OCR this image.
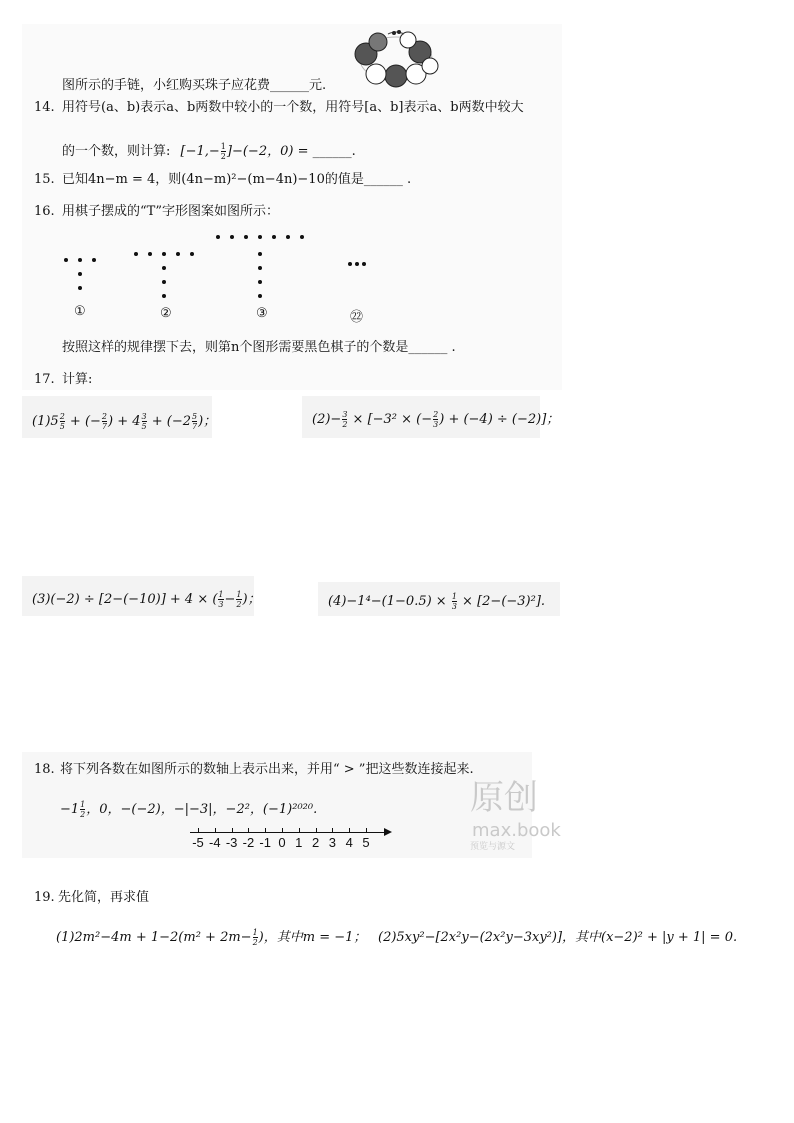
图所示的手链，小红购买珠子应花费______元.
14. 用符号(a、b)表示a、b两数中较小的一个数，用符号[a、b]表示a、b两数中较大
的一个数，则计算: $[-1,- \frac{1}{2} ]-(-2$，0) = ______.
15. 已知4n−m = 4，则(4n−m)²−(m−4n)−10的值是______ .
16. 用棋子摆成的“T”字形图案如图所示：
①	②	③	㉒
按照这样的规律摆下去，则第n个图形需要黑色棋子的个数是______ .
17. 计算:
$(1)5 \frac{2}{5}$ + (− $\frac{2}{7}$ ) + $4 \frac{3}{5} + (-2 \frac{5}{7}$ )；	$(2)- \frac{3}{2} \times [-3^2$ × (− $\frac{2}{3}$ ) + (−4) ÷ (−2)]；
(3)(−2) ÷ [2−(−10)] + 4 × ( $\frac{1}{3} - \frac{1}{2}$ )；	$(4)-1^4-(1-0.5) \times \frac{1}{3} \times [2-(-3)^2]$.
18. 将下列各数在如图所示的数轴上表示出来，并用“ > ”把这些数连接起来.
$-1 \frac{1}{2}$ ，0，−(−2)，−|−3|，−2²，(−1)²⁰²⁰.
-5 -4 -3 -2 -1 0 1 2 3 4 5
原创
max.book
预览与源文
19. 先化简，再求值
$(1)2m^2-4m + 1-2(m^2 + 2m- \frac{1}{2}$ )，其中m = −1； (2)5xy²−[2x²y−(2x²y−3xy²)]，其中(x−2)² + |y + 1| = 0.
